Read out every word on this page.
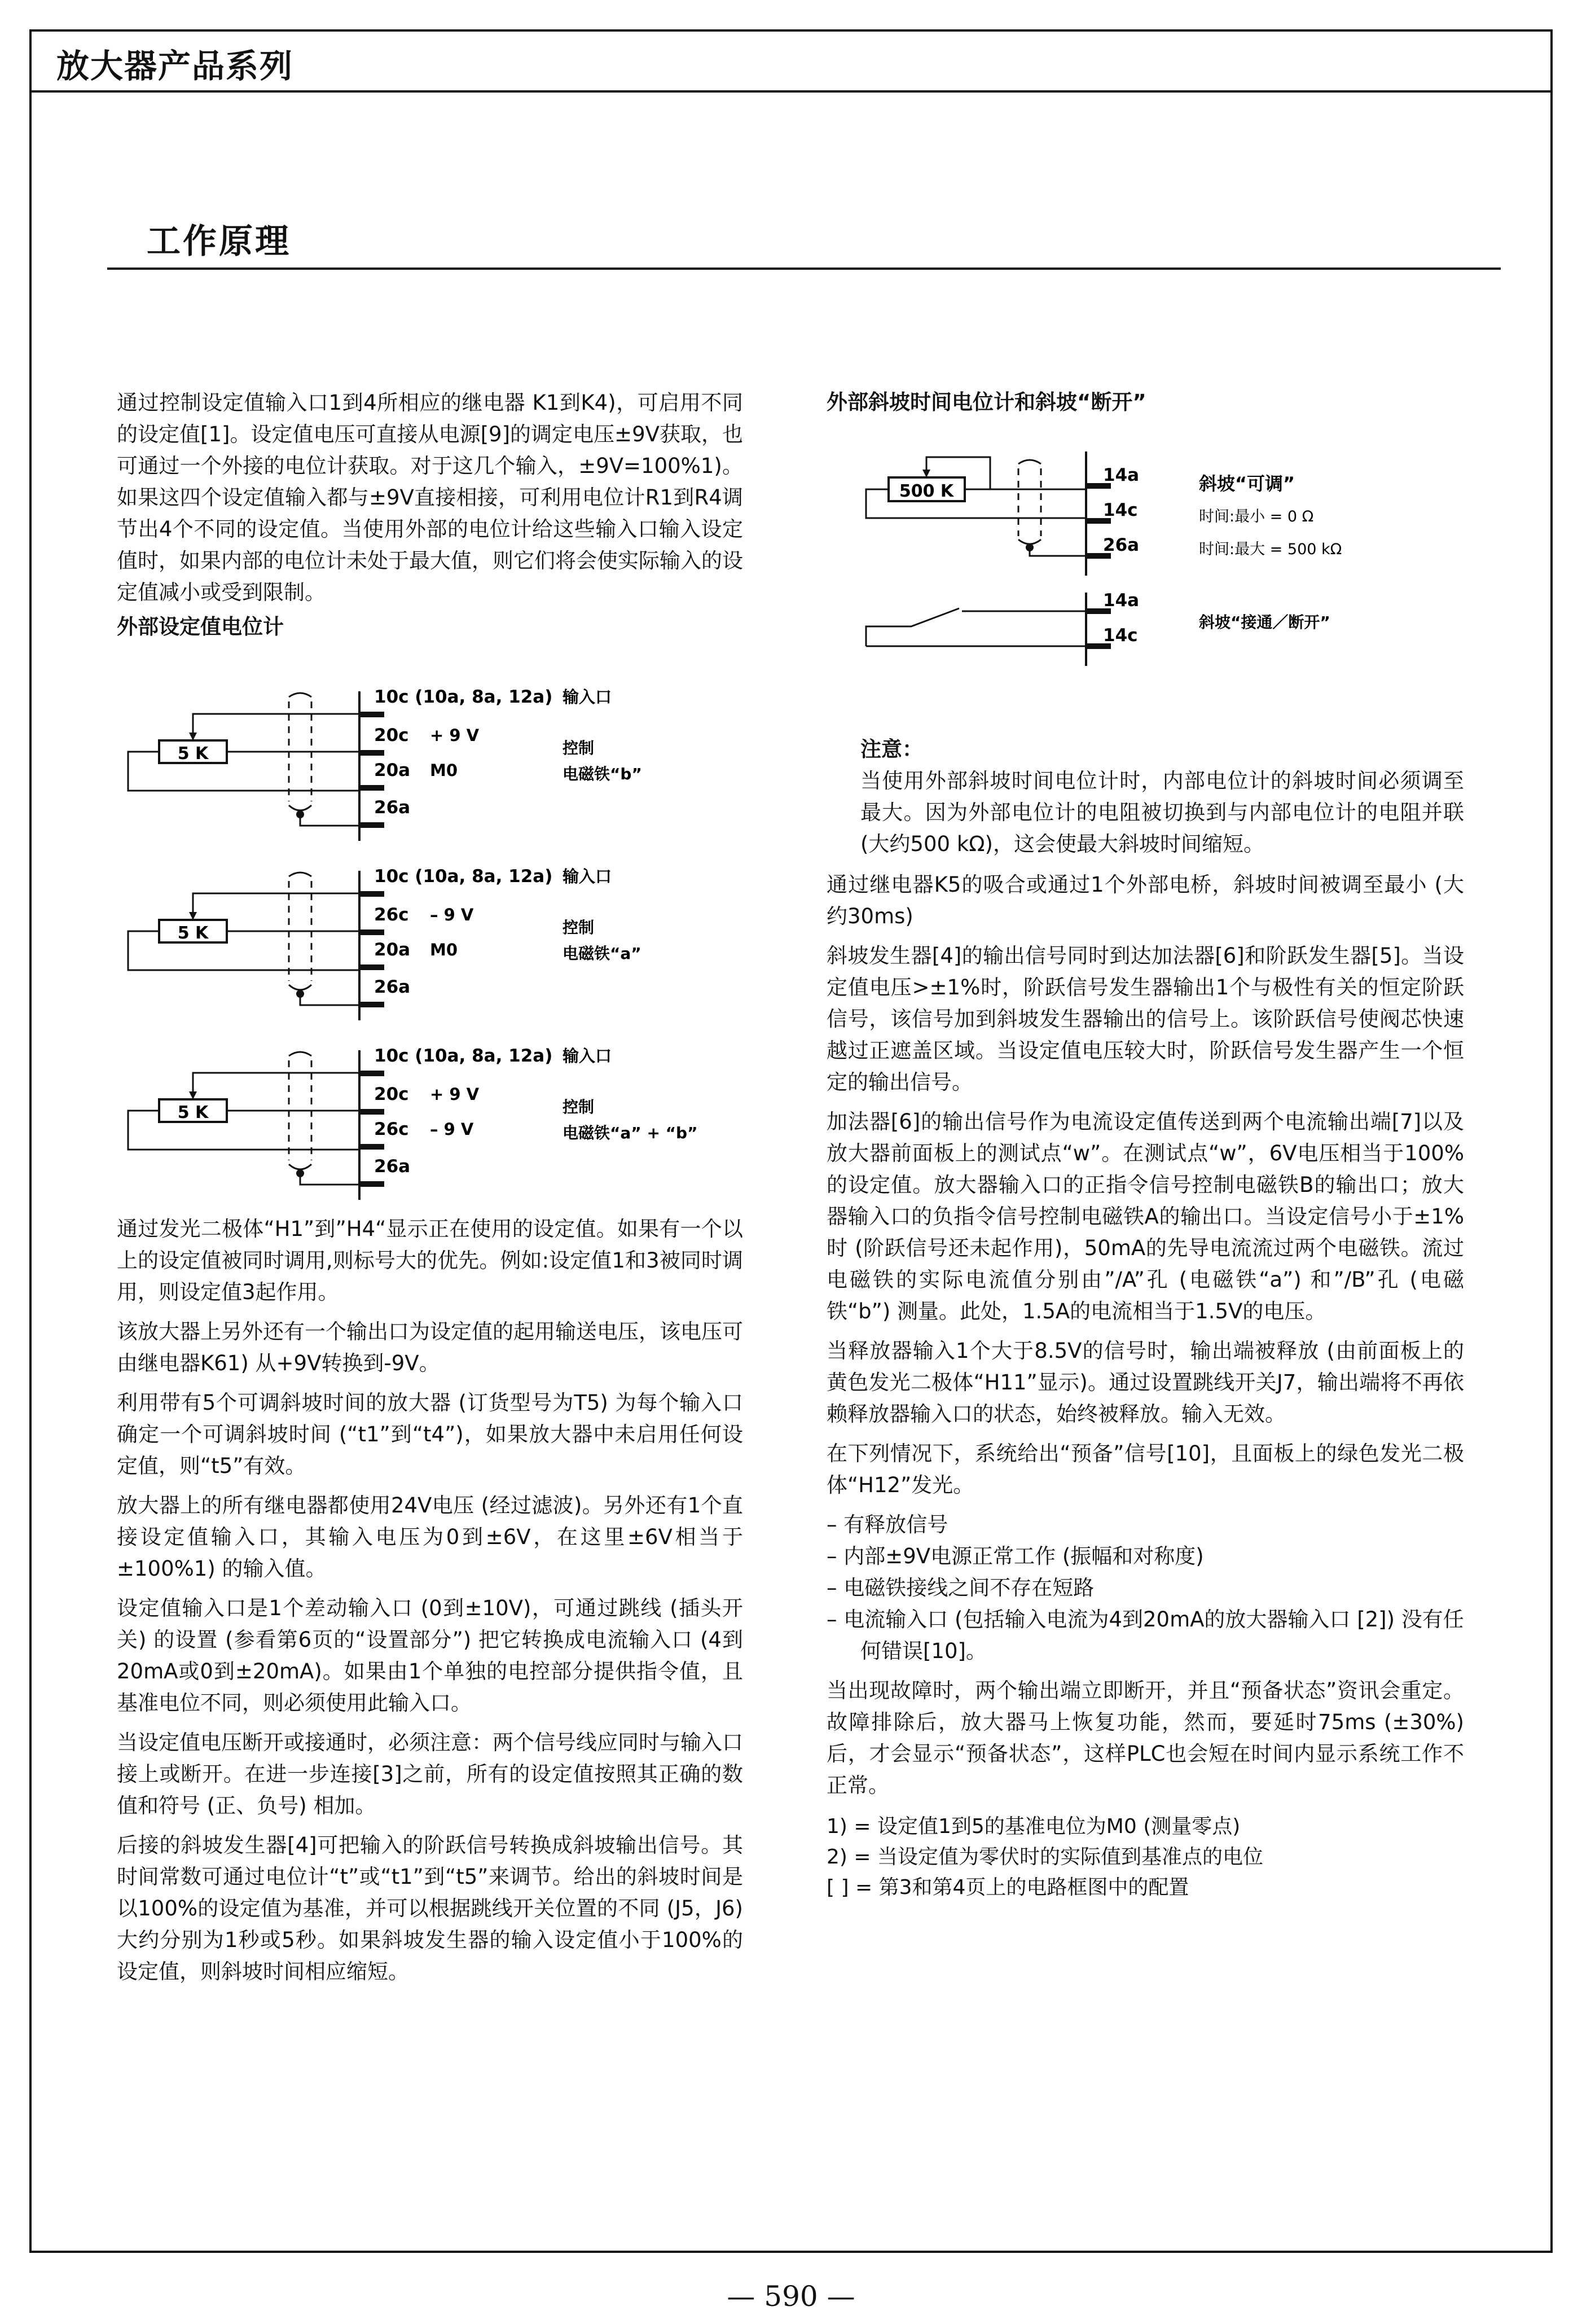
放大器产品系列
工作原理

通过控制设定值输入口1到4所相应的继电器 K1到K4)，可启用不同的设定值[1]。设定值电压可直接从电源[9]的调定电压±9V获取，也可通过一个外接的电位计获取。对于这几个输入，±9V=100%1)。如果这四个设定值输入都与±9V直接相接，可利用电位计R1到R4调节出4个不同的设定值。当使用外部的电位计给这些输入口输入设定值时，如果内部的电位计未处于最大值，则它们将会使实际输入的设定值减小或受到限制。

外部设定值电位计
5 K
10c (10a, 8a, 12a) 输入口
20c + 9 V
20a M0
26a
控制
电磁铁“b”
5 K
10c (10a, 8a, 12a) 输入口
26c – 9 V
20a M0
26a
控制
电磁铁“a”
5 K
10c (10a, 8a, 12a) 输入口
20c + 9 V
26c – 9 V
26a
控制
电磁铁“a” + “b”

通过发光二极体“H1”到”H4“显示正在使用的设定值。如果有一个以上的设定值被同时调用,则标号大的优先。例如:设定值1和3被同时调用，则设定值3起作用。

该放大器上另外还有一个输出口为设定值的起用输送电压，该电压可由继电器K61) 从+9V转换到-9V。

利用带有5个可调斜坡时间的放大器 (订货型号为T5) 为每个输入口确定一个可调斜坡时间 (“t1”到“t4”)，如果放大器中未启用任何设定值，则“t5”有效。

放大器上的所有继电器都使用24V电压 (经过滤波)。另外还有1个直接设定值输入口，其输入电压为0到±6V，在这里±6V相当于±100%1) 的输入值。

设定值输入口是1个差动输入口 (0到±10V)，可通过跳线 (插头开关) 的设置 (参看第6页的“设置部分”) 把它转换成电流输入口 (4到20mA或0到±20mA)。如果由1个单独的电控部分提供指令值，且基准电位不同，则必须使用此输入口。

当设定值电压断开或接通时，必须注意：两个信号线应同时与输入口接上或断开。在进一步连接[3]之前，所有的设定值按照其正确的数值和符号 (正、负号) 相加。

后接的斜坡发生器[4]可把输入的阶跃信号转换成斜坡输出信号。其时间常数可通过电位计“t”或“t1”到“t5”来调节。给出的斜坡时间是以100%的设定值为基准，并可以根据跳线开关位置的不同 (J5，J6) 大约分别为1秒或5秒。如果斜坡发生器的输入设定值小于100%的设定值，则斜坡时间相应缩短。

外部斜坡时间电位计和斜坡“断开”
500 K
14a
14c
26a
斜坡“可调”
时间:最小 = 0 Ω
时间:最大 = 500 kΩ
14a
14c
斜坡“接通／断开”

注意：

当使用外部斜坡时间电位计时，内部电位计的斜坡时间必须调至最大。因为外部电位计的电阻被切换到与内部电位计的电阻并联 (大约500 kΩ)，这会使最大斜坡时间缩短。

通过继电器K5的吸合或通过1个外部电桥，斜坡时间被调至最小 (大约30ms)

斜坡发生器[4]的输出信号同时到达加法器[6]和阶跃发生器[5]。当设定值电压>±1%时，阶跃信号发生器输出1个与极性有关的恒定阶跃信号，该信号加到斜坡发生器输出的信号上。该阶跃信号使阀芯快速越过正遮盖区域。当设定值电压较大时，阶跃信号发生器产生一个恒定的输出信号。

加法器[6]的输出信号作为电流设定值传送到两个电流输出端[7]以及放大器前面板上的测试点“w”。在测试点“w”，6V电压相当于100%的设定值。放大器输入口的正指令信号控制电磁铁B的输出口；放大器输入口的负指令信号控制电磁铁A的输出口。当设定信号小于±1%时 (阶跃信号还未起作用)，50mA的先导电流流过两个电磁铁。流过电磁铁的实际电流值分别由”/A”孔 (电磁铁“a”) 和”/B”孔 (电磁铁“b”) 测量。此处，1.5A的电流相当于1.5V的电压。

当释放器输入1个大于8.5V的信号时，输出端被释放 (由前面板上的黄色发光二极体“H11”显示)。通过设置跳线开关J7，输出端将不再依赖释放器输入口的状态，始终被释放。输入无效。

在下列情况下，系统给出“预备”信号[10]，且面板上的绿色发光二极体“H12”发光。

– 有释放信号
– 内部±9V电源正常工作 (振幅和对称度)
– 电磁铁接线之间不存在短路
– 电流输入口 (包括输入电流为4到20mA的放大器输入口 [2]) 没有任何错误[10]。

当出现故障时，两个输出端立即断开，并且“预备状态”资讯会重定。故障排除后，放大器马上恢复功能，然而，要延时75ms (±30%) 后，才会显示“预备状态”，这样PLC也会短在时间内显示系统工作不正常。

1) = 设定值1到5的基准电位为M0 (测量零点)
2) = 当设定值为零伏时的实际值到基准点的电位
[ ] = 第3和第4页上的电路框图中的配置
— 590 —
